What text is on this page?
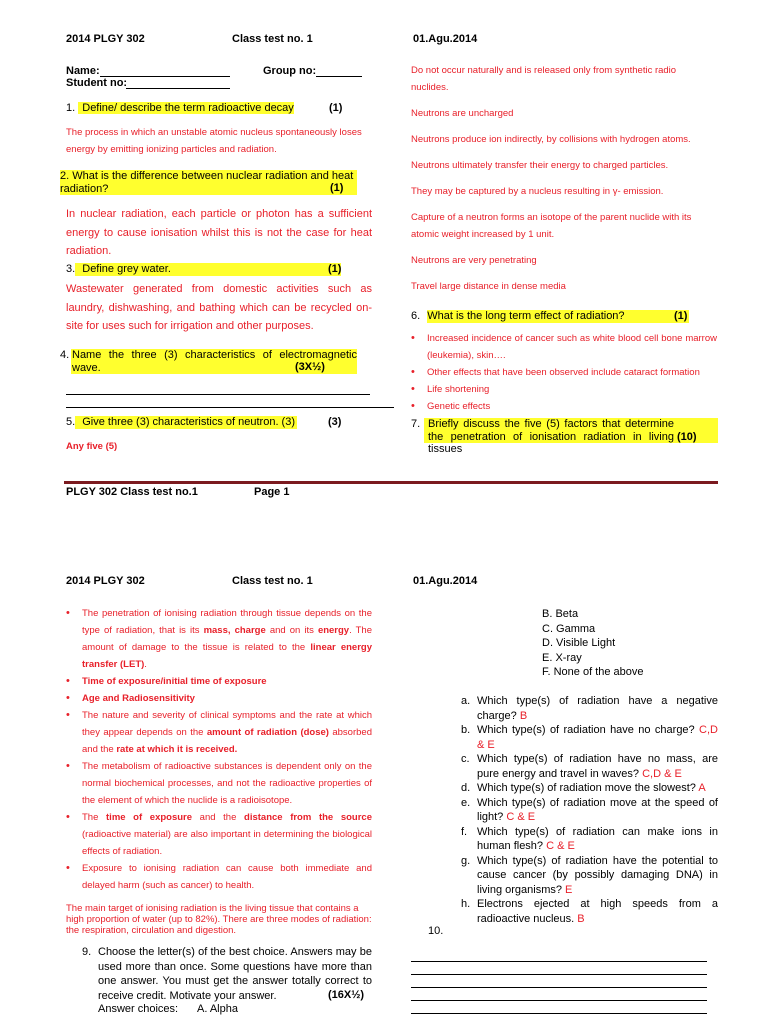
2014 PLGY 302	Class test no. 1	01.Agu.2014
Name:	Group no:
Student no:
1. Define/ describe the term radioactive decay	(1)
The process in which an unstable atomic nucleus spontaneously loses energy by emitting ionizing particles and radiation.
2. What is the difference between nuclear radiation and heat radiation?	(1)
In nuclear radiation, each particle or photon has a sufficient energy to cause ionisation whilst this is not the case for heat radiation.
3. Define grey water.	(1)
Wastewater generated from domestic activities such as laundry, dishwashing, and bathing which can be recycled on-site for uses such for irrigation and other purposes.
4. Name the three (3) characteristics of electromagnetic wave.	(3X½)
5. Give three (3) characteristics of neutron. (3)	(3)
Any five (5)

Do not occur naturally and is released only from synthetic radio nuclides.

Neutrons are uncharged

Neutrons produce ion indirectly, by collisions with hydrogen atoms.

Neutrons ultimately transfer their energy to charged particles.

They may be captured by a nucleus resulting in γ- emission.

Capture of a neutron forms an isotope of the parent nuclide with its atomic weight increased by 1 unit.

Neutrons are very penetrating

Travel large distance in dense media

6. What is the long term effect of radiation?	(1)
• Increased incidence of cancer such as white blood cell bone marrow (leukemia), skin….
• Other effects that have been observed include cataract formation
• Life shortening
• Genetic effects
7. Briefly discuss the five (5) factors that determine the penetration of ionisation radiation in living tissues
(10)
PLGY 302 Class test no.1	Page 1
2014 PLGY 302	Class test no. 1	01.Agu.2014
• The penetration of ionising radiation through tissue depends on the type of radiation, that is its mass, charge and on its energy. The amount of damage to the tissue is related to the linear energy transfer (LET).
• Time of exposure/initial time of exposure
• Age and Radiosensitivity
• The nature and severity of clinical symptoms and the rate at which they appear depends on the amount of radiation (dose) absorbed and the rate at which it is received.
• The metabolism of radioactive substances is dependent only on the normal biochemical processes, and not the radioactive properties of the element of which the nuclide is a radioisotope.
• The time of exposure and the distance from the source (radioactive material) are also important in determining the biological effects of radiation.
• Exposure to ionising radiation can cause both immediate and delayed harm (such as cancer) to health.
The main target of ionising radiation is the living tissue that contains a high proportion of water (up to 82%). There are three modes of radiation: the respiration, circulation and digestion.
9. Choose the letter(s) of the best choice. Answers may be used more than once. Some questions have more than one answer. You must get the answer totally correct to receive credit. Motivate your answer.	(16X½)
Answer choices: A. Alpha
B. Beta
C. Gamma
D. Visible Light
E. X-ray
F. None of the above
a. Which type(s) of radiation have a negative charge? B
b. Which type(s) of radiation have no charge? C,D & E
c. Which type(s) of radiation have no mass, are pure energy and travel in waves? C,D & E
d. Which type(s) of radiation move the slowest? A
e. Which type(s) of radiation move at the speed of light? C & E
f. Which type(s) of radiation can make ions in human flesh? C & E
g. Which type(s) of radiation have the potential to cause cancer (by possibly damaging DNA) in living organisms? E
h. Electrons ejected at high speeds from a radioactive nucleus. B
10.
